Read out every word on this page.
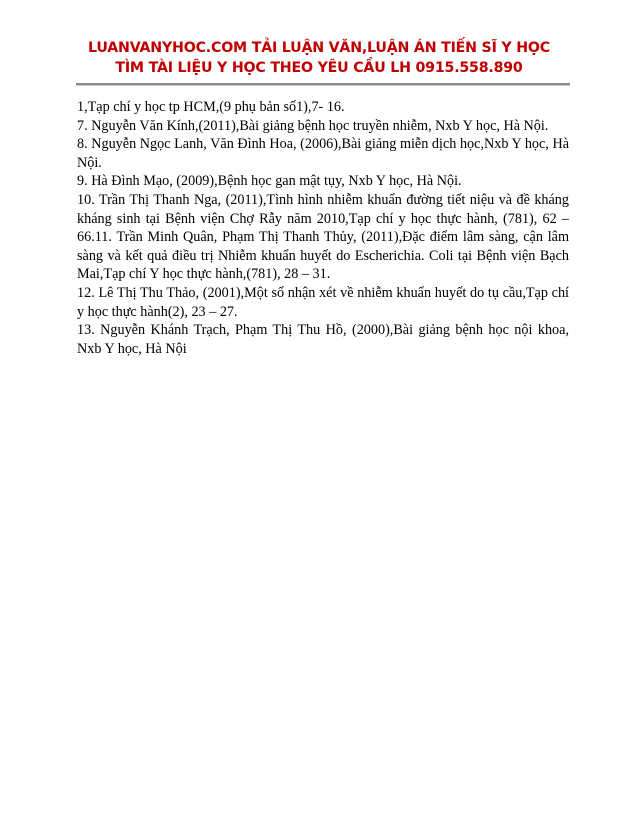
LUANVANYHOC.COM TẢI LUẬN VĂN,LUẬN ÁN TIẾN SĨ Y HỌC
TÌM TÀI LIỆU Y HỌC THEO YÊU CẦU LH 0915.558.890

1,Tạp chí y học tp HCM,(9 phụ bản số1),7- 16.

7. Nguyễn Văn Kính,(2011),Bài giảng bệnh học truyền nhiễm, Nxb Y học, Hà Nội.

8. Nguyễn Ngọc Lanh, Văn Đình Hoa, (2006),Bài giảng miễn dịch học,Nxb Y học, Hà Nội.

9. Hà Đình Mạo, (2009),Bệnh học gan mật tụy, Nxb Y học, Hà Nội.

10. Trần Thị Thanh Nga, (2011),Tình hình nhiễm khuẩn đường tiết niệu và đề kháng kháng sinh tại Bệnh viện Chợ Rẫy năm 2010,Tạp chí y học thực hành, (781), 62 – 66.11. Trần Minh Quân, Phạm Thị Thanh Thủy, (2011),Đặc điểm lâm sàng, cận lâm sàng và kết quả điều trị Nhiễm khuẩn huyết do Escherichia. Coli tại Bệnh viện Bạch Mai,Tạp chí Y học thực hành,(781), 28 – 31.

12. Lê Thị Thu Thảo, (2001),Một số nhận xét về nhiễm khuẩn huyết do tụ cầu,Tạp chí y học thực hành(2), 23 – 27.

13. Nguyễn Khánh Trạch, Phạm Thị Thu Hồ, (2000),Bài giảng bệnh học nội khoa, Nxb Y học, Hà Nội
